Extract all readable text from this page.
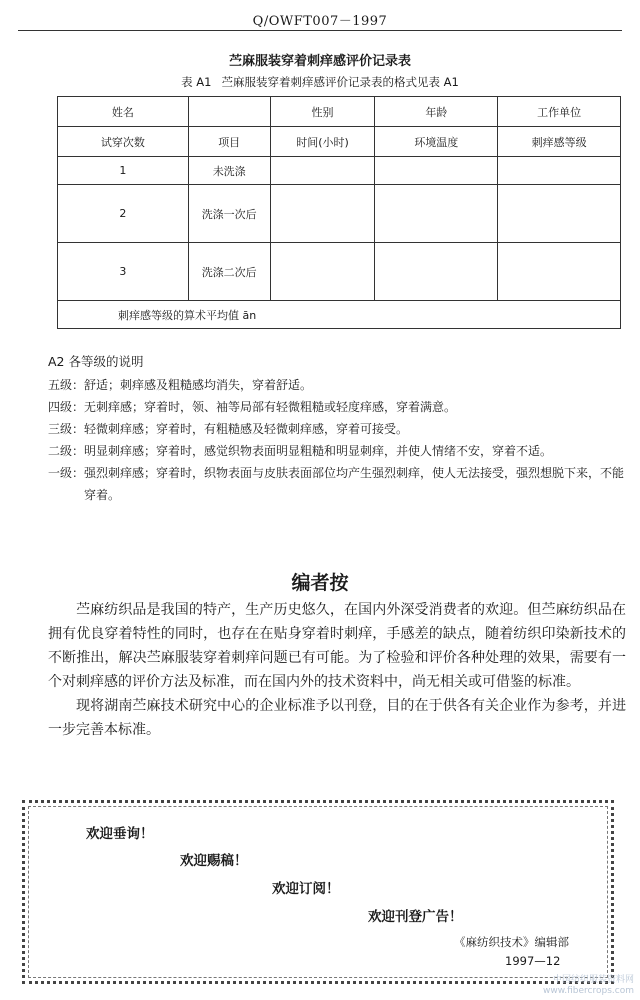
Q/OWFT007－1997
苎麻服装穿着刺痒感评价记录表
表 A1 苎麻服装穿着刺痒感评价记录表的格式见表 A1
姓名		性别	年龄	工作单位
试穿次数	项目	时间(小时)	环境温度	刺痒感等级
1	未洗涤			
2	洗涤一次后			
3	洗涤二次后			
刺痒感等级的算术平均值 ān				
A2 各等级的说明
五级： 舒适；刺痒感及粗糙感均消失，穿着舒适。
四级： 无刺痒感；穿着时，领、袖等局部有轻微粗糙或轻度痒感，穿着满意。
三级： 轻微刺痒感；穿着时，有粗糙感及轻微刺痒感，穿着可接受。
二级： 明显刺痒感；穿着时，感觉织物表面明显粗糙和明显刺痒，并使人情绪不安，穿着不适。
一级： 强烈刺痒感；穿着时，织物表面与皮肤表面部位均产生强烈刺痒，使人无法接受，强烈想脱下来，不能穿着。
编者按

苎麻纺织品是我国的特产，生产历史悠久，在国内外深受消费者的欢迎。但苎麻纺织品在拥有优良穿着特性的同时，也存在在贴身穿着时刺痒，手感差的缺点，随着纺织印染新技术的不断推出，解决苎麻服装穿着刺痒问题已有可能。为了检验和评价各种处理的效果，需要有一个对刺痒感的评价方法及标准，而在国内外的技术资料中，尚无相关或可借鉴的标准。

现将湖南苎麻技术研究中心的企业标准予以刊登，目的在于供各有关企业作为参考，并进一步完善本标准。

欢迎垂询！
欢迎赐稿！
欢迎订阅！
欢迎刊登广告！
《麻纺织技术》编辑部
1997—12
中国纺织服装资料网
www.fibercrops.com
